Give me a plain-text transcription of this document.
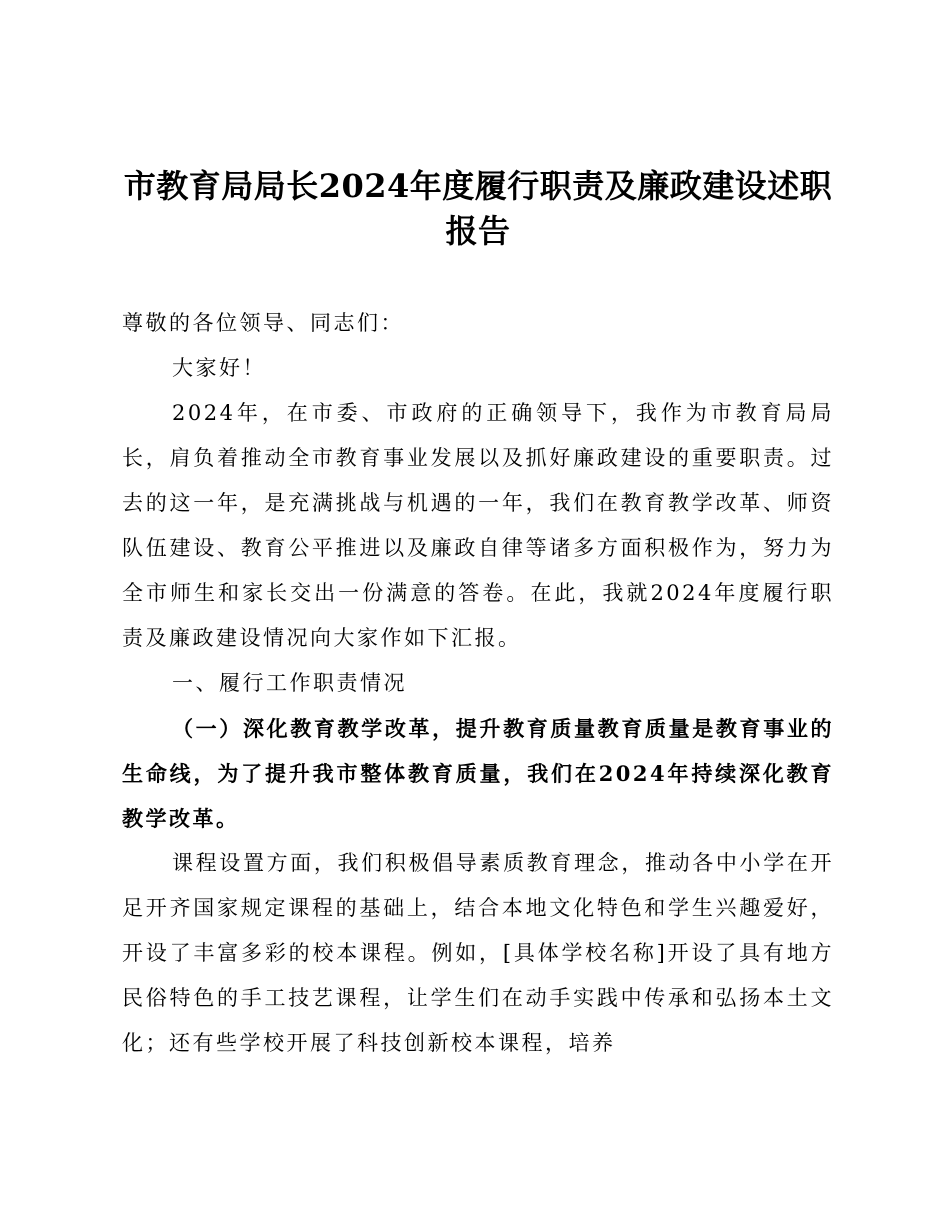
市教育局局长2024年度履行职责及廉政建设述职报告

尊敬的各位领导、同志们：

大家好！

2024年，在市委、市政府的正确领导下，我作为市教育局局长，肩负着推动全市教育事业发展以及抓好廉政建设的重要职责。过去的这一年，是充满挑战与机遇的一年，我们在教育教学改革、师资队伍建设、教育公平推进以及廉政自律等诸多方面积极作为，努力为全市师生和家长交出一份满意的答卷。在此，我就2024年度履行职责及廉政建设情况向大家作如下汇报。

一、履行工作职责情况

（一）深化教育教学改革，提升教育质量教育质量是教育事业的生命线，为了提升我市整体教育质量，我们在2024年持续深化教育教学改革。

课程设置方面，我们积极倡导素质教育理念，推动各中小学在开足开齐国家规定课程的基础上，结合本地文化特色和学生兴趣爱好，开设了丰富多彩的校本课程。例如，[具体学校名称]开设了具有地方民俗特色的手工技艺课程，让学生们在动手实践中传承和弘扬本土文化；还有些学校开展了科技创新校本课程，培养
